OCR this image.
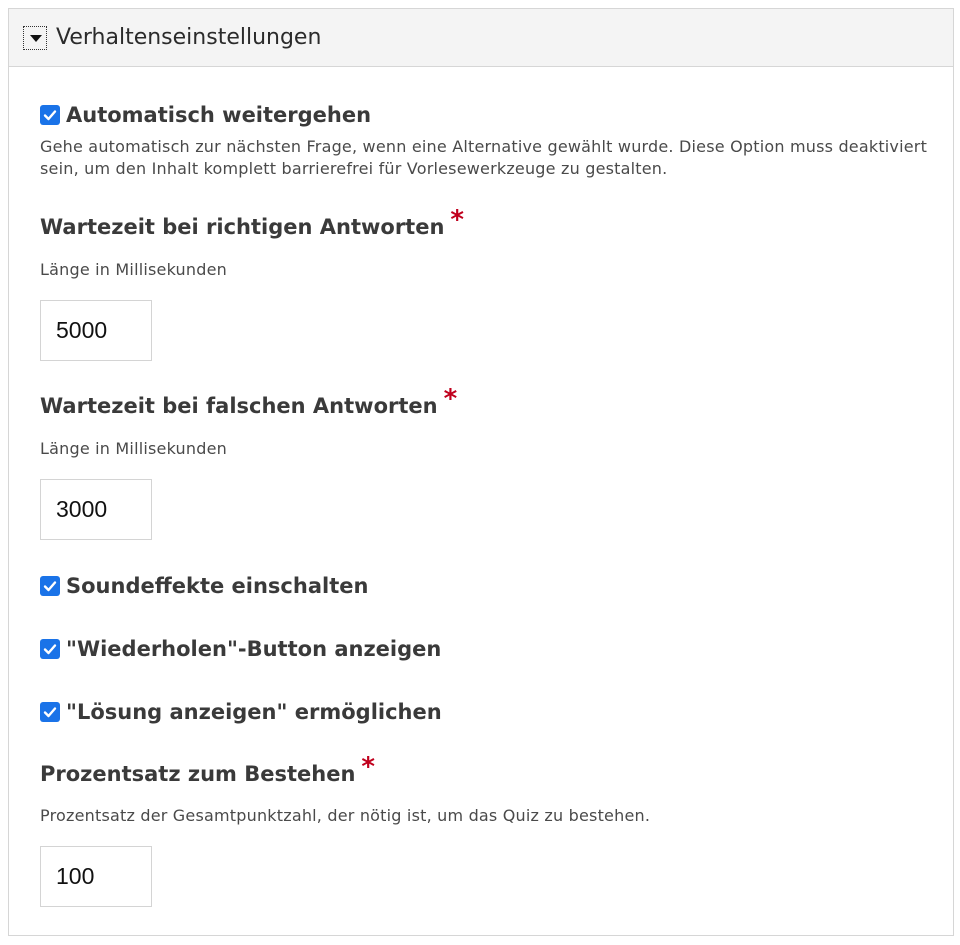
Verhaltenseinstellungen
Automatisch weitergehen
Gehe automatisch zur nächsten Frage, wenn eine Alternative gewählt wurde. Diese Option muss deaktiviert sein, um den Inhalt komplett barrierefrei für Vorlesewerkzeuge zu gestalten.
Wartezeit bei richtigen Antworten *
Länge in Millisekunden
5000
Wartezeit bei falschen Antworten *
Länge in Millisekunden
3000
Soundeffekte einschalten
"Wiederholen"-Button anzeigen
"Lösung anzeigen" ermöglichen
Prozentsatz zum Bestehen *
Prozentsatz der Gesamtpunktzahl, der nötig ist, um das Quiz zu bestehen.
100
